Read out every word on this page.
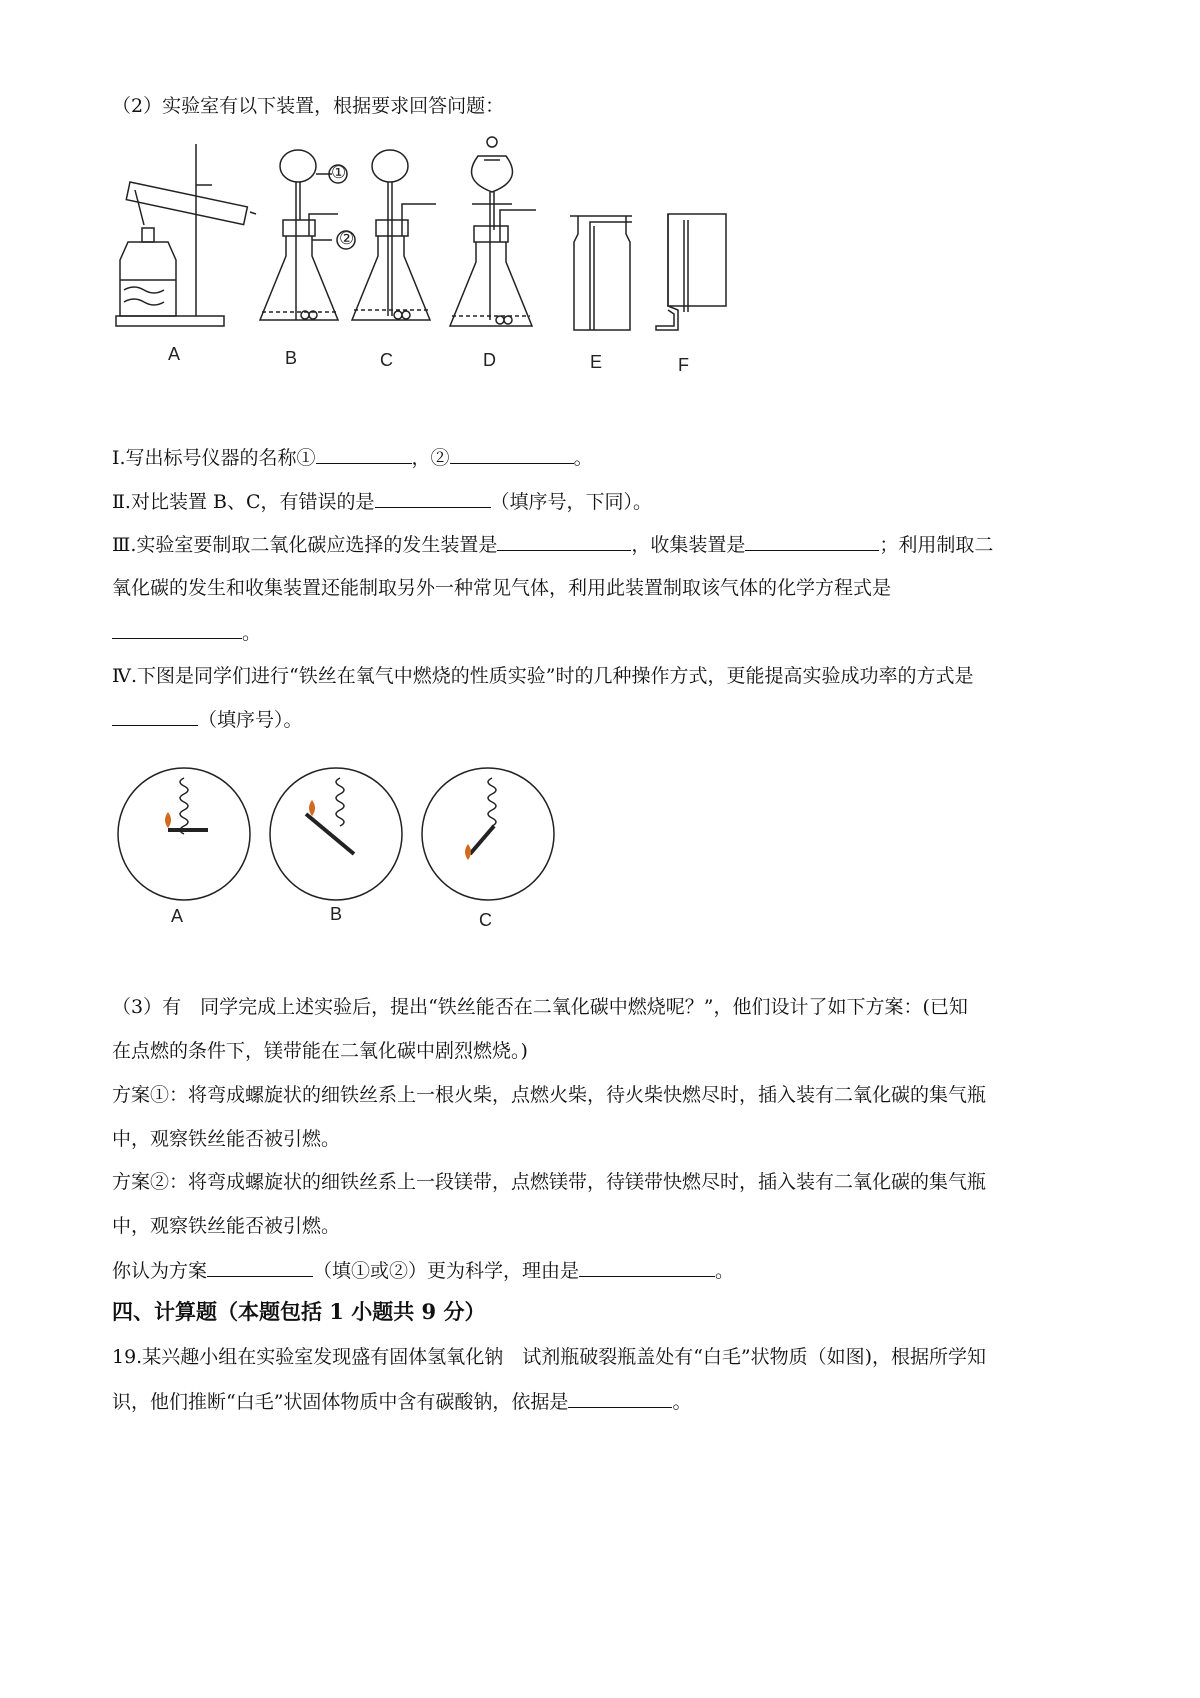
（2）实验室有以下装置，根据要求回答问题：
①
②
A	B	C	D	E	F
Ⅰ.写出标号仪器的名称①	，②	。
Ⅱ.对比装置 B、C，有错误的是	（填序号，下同）。
Ⅲ.实验室要制取二氧化碳应选择的发生装置是	，收集装置是	；利用制取二
氧化碳的发生和收集装置还能制取另外一种常见气体，利用此装置制取该气体的化学方程式是
。
Ⅳ.下图是同学们进行“铁丝在氧气中燃烧的性质实验”时的几种操作方式，更能提高实验成功率的方式是
（填序号）。
A	B	C
（3）有　同学完成上述实验后，提出“铁丝能否在二氧化碳中燃烧呢？”，他们设计了如下方案：(已知
在点燃的条件下，镁带能在二氧化碳中剧烈燃烧。)
方案①：将弯成螺旋状的细铁丝系上一根火柴，点燃火柴，待火柴快燃尽时，插入装有二氧化碳的集气瓶
中，观察铁丝能否被引燃。
方案②：将弯成螺旋状的细铁丝系上一段镁带，点燃镁带，待镁带快燃尽时，插入装有二氧化碳的集气瓶
中，观察铁丝能否被引燃。
你认为方案	（填①或②）更为科学，理由是	。
四、计算题（本题包括 1 小题共 9 分）
19.某兴趣小组在实验室发现盛有固体氢氧化钠　试剂瓶破裂瓶盖处有“白毛”状物质（如图)，根据所学知
识，他们推断“白毛”状固体物质中含有碳酸钠，依据是	。
